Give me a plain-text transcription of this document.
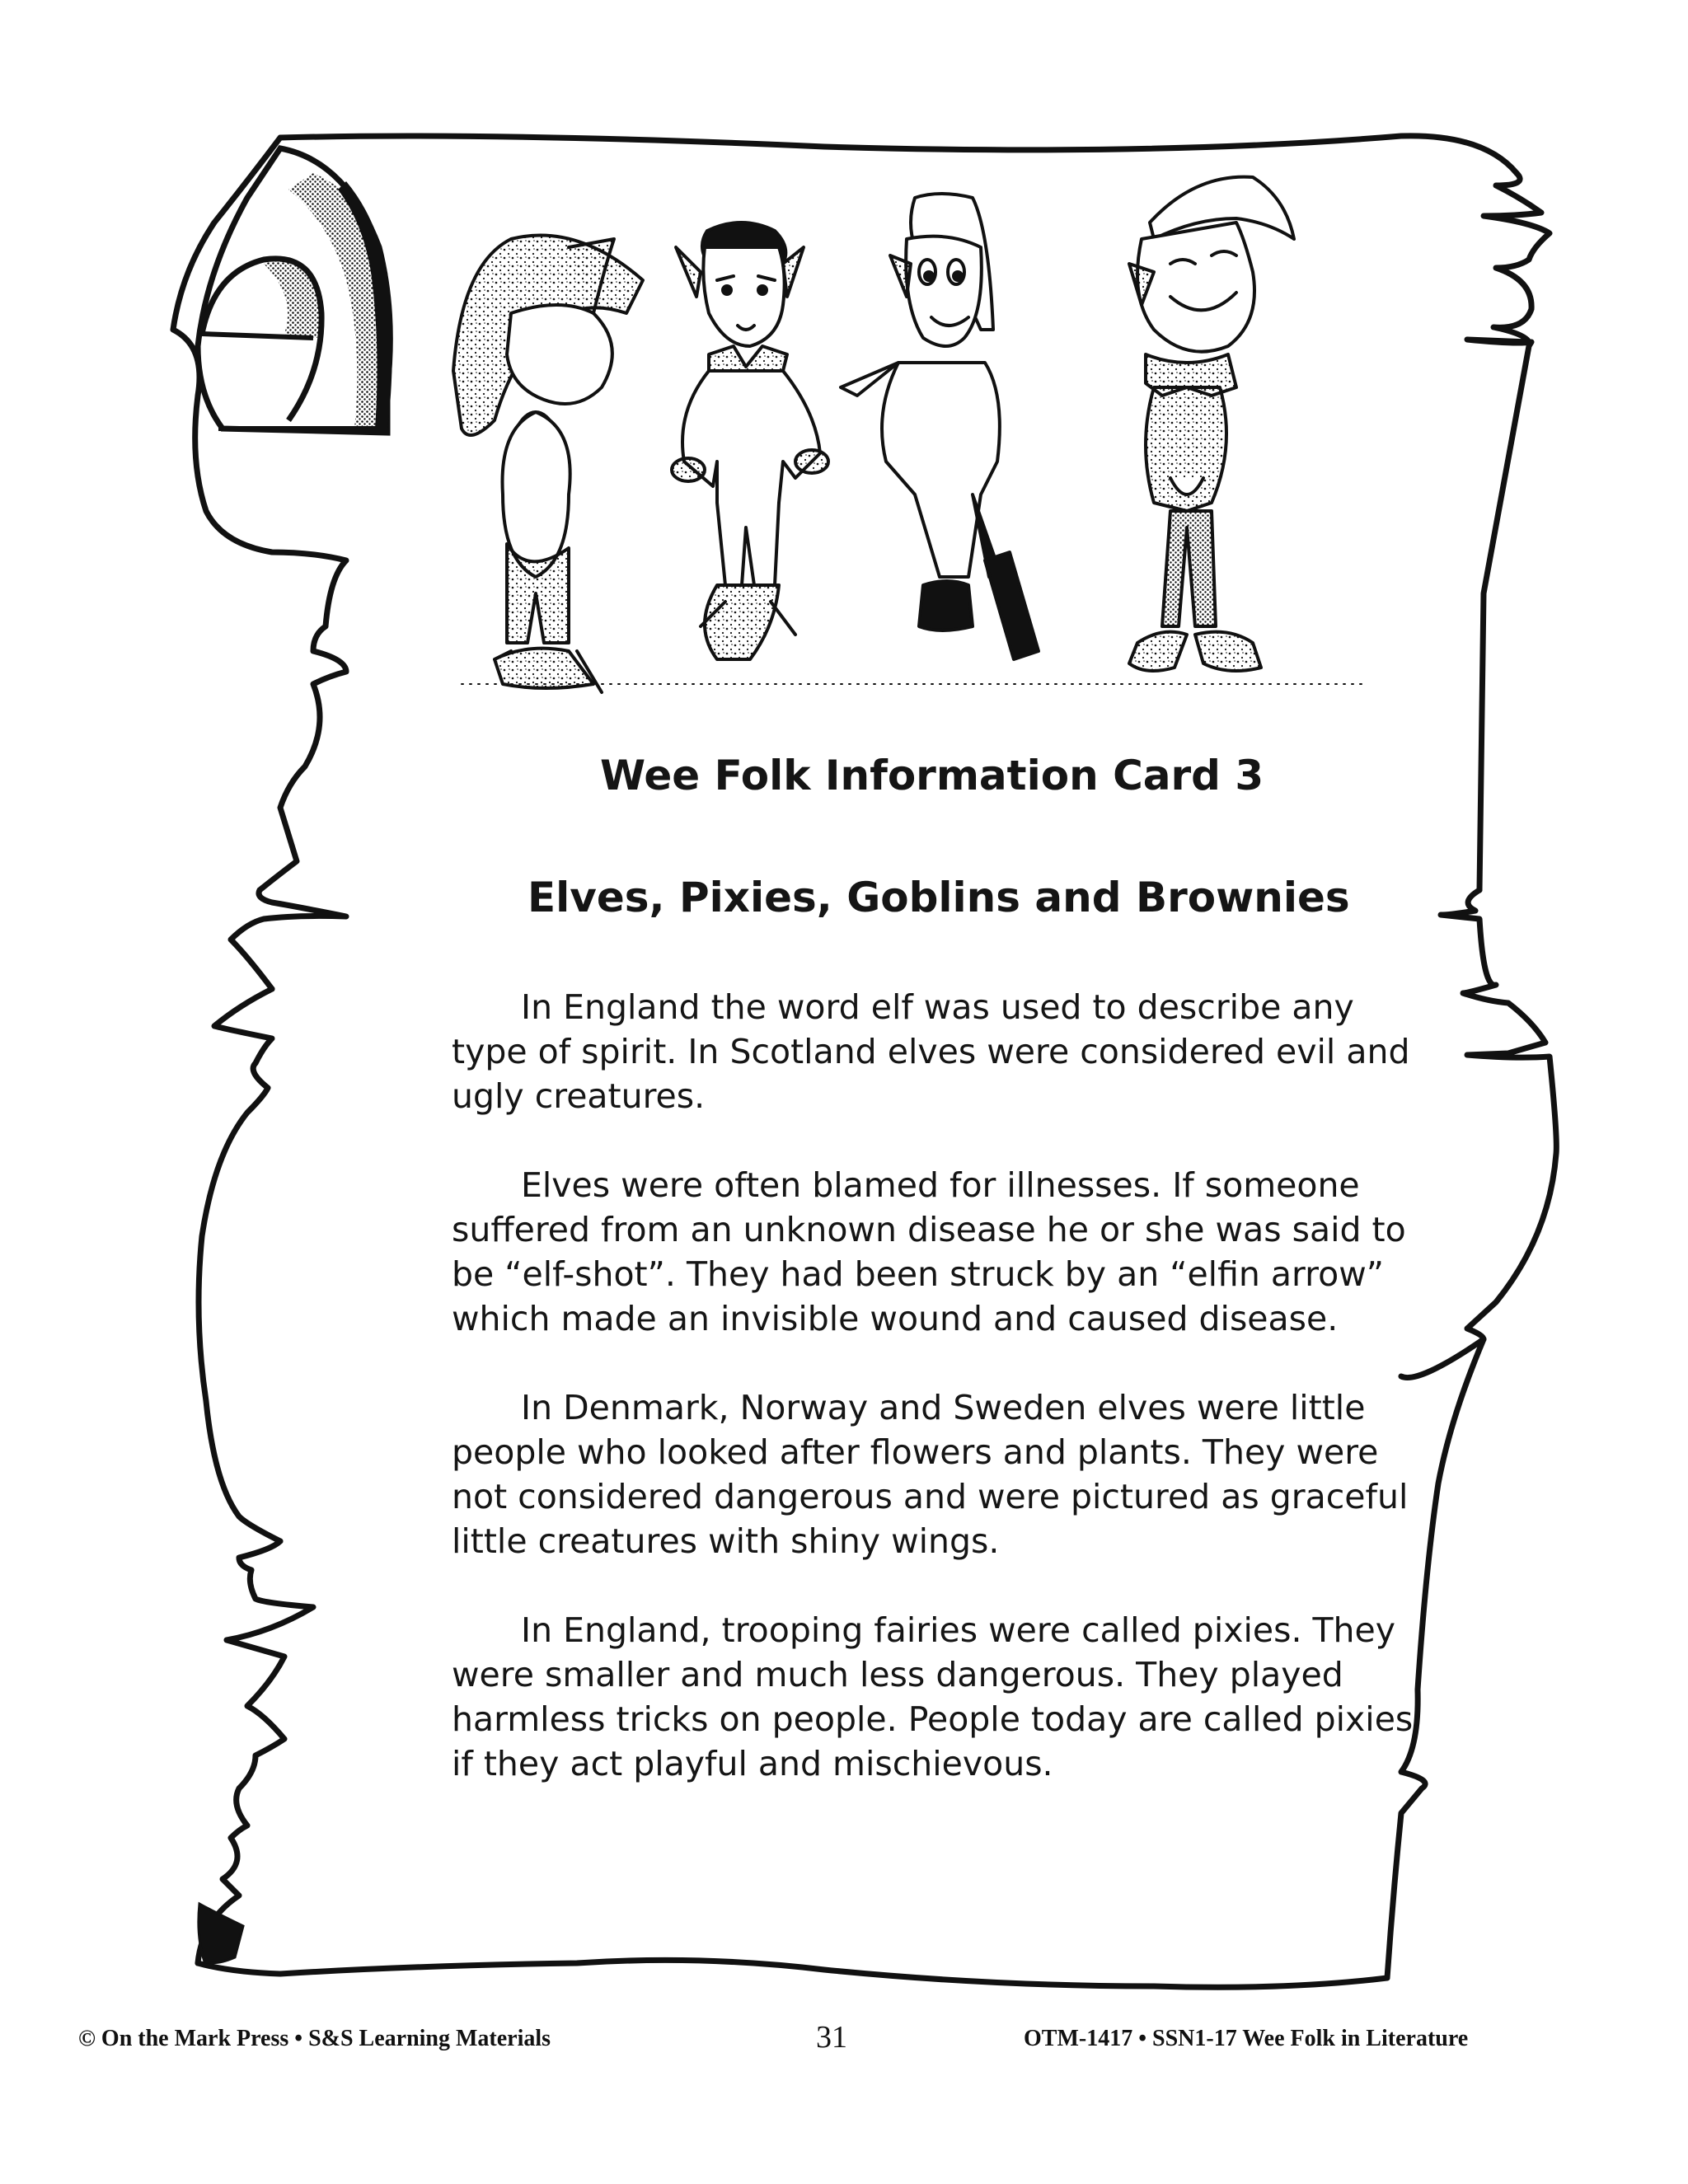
Wee Folk Information Card 3
Elves, Pixies, Goblins and Brownies

In England the word elf was used to describe any type of spirit. In Scotland elves were considered evil and ugly creatures.

Elves were often blamed for illnesses. If someone suffered from an unknown disease he or she was said to be “elf-shot”. They had been struck by an “elfin arrow” which made an invisible wound and caused disease.

In Denmark, Norway and Sweden elves were little people who looked after flowers and plants. They were not considered dangerous and were pictured as graceful little creatures with shiny wings.

In England, trooping fairies were called pixies. They were smaller and much less dangerous. They played harmless tricks on people. People today are called pixies if they act playful and mischievous.

© On the Mark Press • S&S Learning Materials	31	OTM-1417 • SSN1-17 Wee Folk in Literature
